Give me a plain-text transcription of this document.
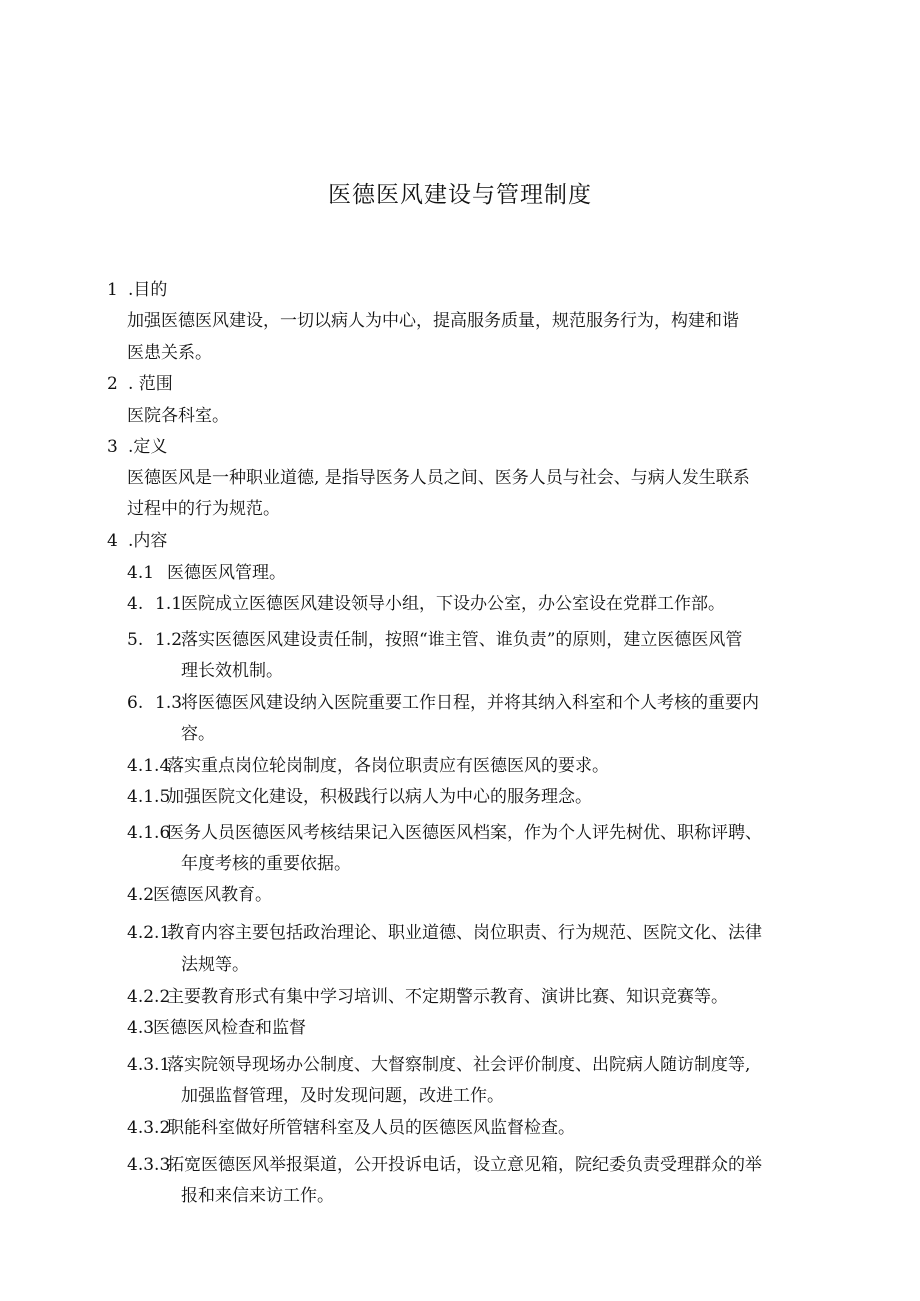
医德医风建设与管理制度
1 .目的
加强医德医风建设，一切以病人为中心，提高服务质量，规范服务行为，构建和谐
医患关系。
2 . 范围
医院各科室。
3 .定义
医德医风是一种职业道德, 是指导医务人员之间、医务人员与社会、与病人发生联系
过程中的行为规范。
4 .内容
4.1 医德医风管理。
4. 1.1
医院成立医德医风建设领导小组，下设办公室，办公室设在党群工作部。
5. 1.2
落实医德医风建设责任制，按照“谁主管、谁负责”的原则，建立医德医风管
理长效机制。
6. 1.3
将医德医风建设纳入医院重要工作日程，并将其纳入科室和个人考核的重要内
容。
4.1.4
落实重点岗位轮岗制度，各岗位职责应有医德医风的要求。
4.1.5
加强医院文化建设，积极践行以病人为中心的服务理念。
4.1.6
医务人员医德医风考核结果记入医德医风档案，作为个人评先树优、职称评聘、
年度考核的重要依据。
4.2
医德医风教育。
4.2.1
教育内容主要包括政治理论、职业道德、岗位职责、行为规范、医院文化、法律
法规等。
4.2.2
主要教育形式有集中学习培训、不定期警示教育、演讲比赛、知识竞赛等。
4.3
医德医风检查和监督
4.3.1
落实院领导现场办公制度、大督察制度、社会评价制度、出院病人随访制度等,
加强监督管理，及时发现问题，改进工作。
4.3.2
职能科室做好所管辖科室及人员的医德医风监督检查。
4.3.3
拓宽医德医风举报渠道，公开投诉电话，设立意见箱，院纪委负责受理群众的举
报和来信来访工作。
